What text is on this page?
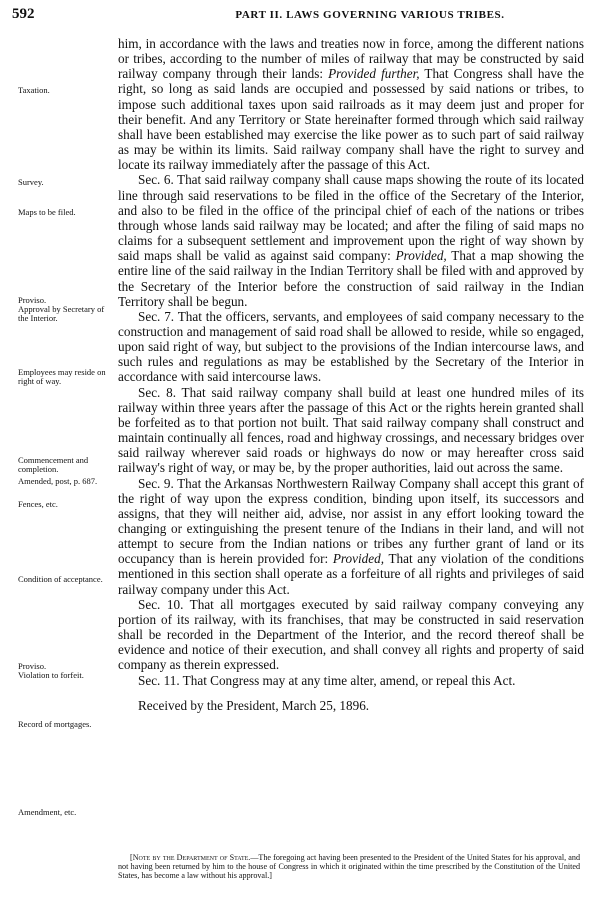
592	PART II. LAWS GOVERNING VARIOUS TRIBES.
Taxation.
Survey.
Maps to be filed.
Proviso.
Approval by Secretary of the Interior.
Employees may reside on right of way.
Commencement and completion.
Amended, post, p. 687.
Fences, etc.
Condition of acceptance.
Proviso.
Violation to forfeit.
Record of mortgages.
Amendment, etc.

him, in accordance with the laws and treaties now in force, among the different nations or tribes, according to the number of miles of railway that may be constructed by said railway company through their lands: Provided further, That Congress shall have the right, so long as said lands are occupied and possessed by said nations or tribes, to impose such additional taxes upon said railroads as it may deem just and proper for their benefit. And any Territory or State hereinafter formed through which said railway shall have been established may exercise the like power as to such part of said railway as may be within its limits. Said railway company shall have the right to survey and locate its railway immediately after the passage of this Act.

Sec. 6. That said railway company shall cause maps showing the route of its located line through said reservations to be filed in the office of the Secretary of the Interior, and also to be filed in the office of the principal chief of each of the nations or tribes through whose lands said railway may be located; and after the filing of said maps no claims for a subsequent settlement and improvement upon the right of way shown by said maps shall be valid as against said company: Provided, That a map showing the entire line of the said railway in the Indian Territory shall be filed with and approved by the Secretary of the Interior before the construction of said railway in the Indian Territory shall be begun.

Sec. 7. That the officers, servants, and employees of said company necessary to the construction and management of said road shall be allowed to reside, while so engaged, upon said right of way, but subject to the provisions of the Indian intercourse laws, and such rules and regulations as may be established by the Secretary of the Interior in accordance with said intercourse laws.

Sec. 8. That said railway company shall build at least one hundred miles of its railway within three years after the passage of this Act or the rights herein granted shall be forfeited as to that portion not built. That said railway company shall construct and maintain continually all fences, road and highway crossings, and necessary bridges over said railway wherever said roads or highways do now or may hereafter cross said railway's right of way, or may be, by the proper authorities, laid out across the same.

Sec. 9. That the Arkansas Northwestern Railway Company shall accept this grant of the right of way upon the express condition, binding upon itself, its successors and assigns, that they will neither aid, advise, nor assist in any effort looking toward the changing or extinguishing the present tenure of the Indians in their land, and will not attempt to secure from the Indian nations or tribes any further grant of land or its occupancy than is herein provided for: Provided, That any violation of the conditions mentioned in this section shall operate as a forfeiture of all rights and privileges of said railway company under this Act.

Sec. 10. That all mortgages executed by said railway company conveying any portion of its railway, with its franchises, that may be constructed in said reservation shall be recorded in the Department of the Interior, and the record thereof shall be evidence and notice of their execution, and shall convey all rights and property of said company as therein expressed.

Sec. 11. That Congress may at any time alter, amend, or repeal this Act.

Received by the President, March 25, 1896.

[Note by the Department of State.—The foregoing act having been presented to the President of the United States for his approval, and not having been returned by him to the house of Congress in which it originated within the time prescribed by the Constitution of the United States, has become a law without his approval.]
